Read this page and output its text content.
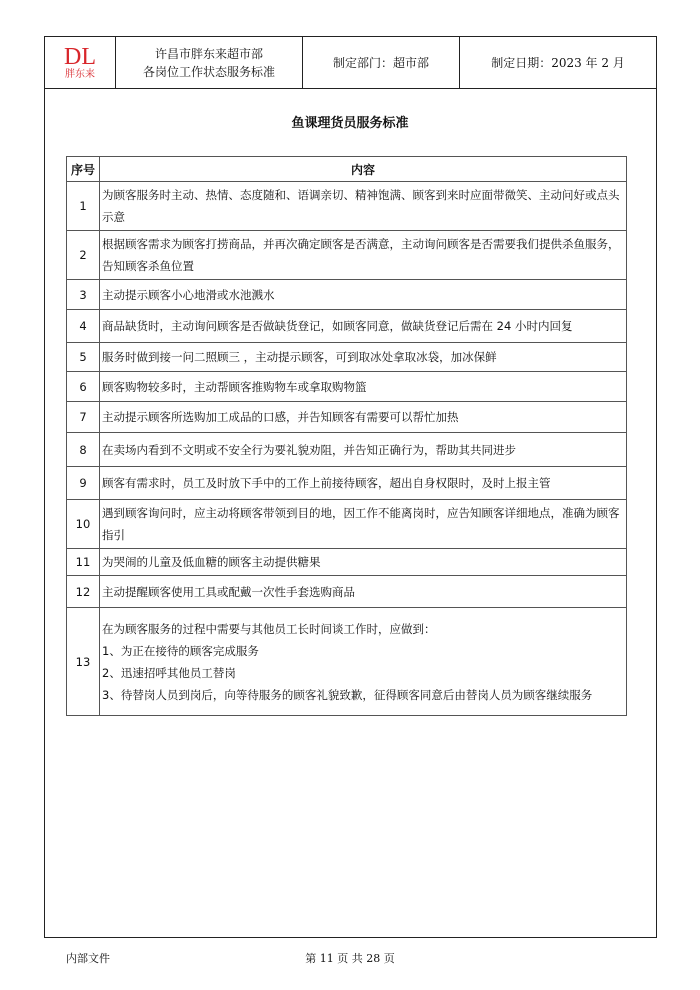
DL
胖东来
许昌市胖东来超市部
各岗位工作状态服务标准
制定部门：超市部	制定日期：2023 年 2 月
鱼课理货员服务标准
序号	内容
1	为顾客服务时主动、热情、态度随和、语调亲切、精神饱满、顾客到来时应面带微笑、主动问好或点头示意
2	根据顾客需求为顾客打捞商品，并再次确定顾客是否满意，主动询问顾客是否需要我们提供杀鱼服务，告知顾客杀鱼位置
3	主动提示顾客小心地滑或水池溅水
4	商品缺货时，主动询问顾客是否做缺货登记，如顾客同意，做缺货登记后需在 24 小时内回复
5	服务时做到接一问二照顾三 ，主动提示顾客，可到取冰处拿取冰袋，加冰保鲜
6	顾客购物较多时，主动帮顾客推购物车或拿取购物篮
7	主动提示顾客所选购加工成品的口感，并告知顾客有需要可以帮忙加热
8	在卖场内看到不文明或不安全行为要礼貌劝阻，并告知正确行为，帮助其共同进步
9	顾客有需求时，员工及时放下手中的工作上前接待顾客，超出自身权限时，及时上报主管
10	遇到顾客询问时，应主动将顾客带领到目的地，因工作不能离岗时，应告知顾客详细地点，准确为顾客指引
11	为哭闹的儿童及低血糖的顾客主动提供糖果
12	主动提醒顾客使用工具或配戴一次性手套选购商品
13	在为顾客服务的过程中需要与其他员工长时间谈工作时，应做到：
1、为正在接待的顾客完成服务
2、迅速招呼其他员工替岗
3、待替岗人员到岗后，向等待服务的顾客礼貌致歉，征得顾客同意后由替岗人员为顾客继续服务
内部文件	第 11 页 共 28 页
